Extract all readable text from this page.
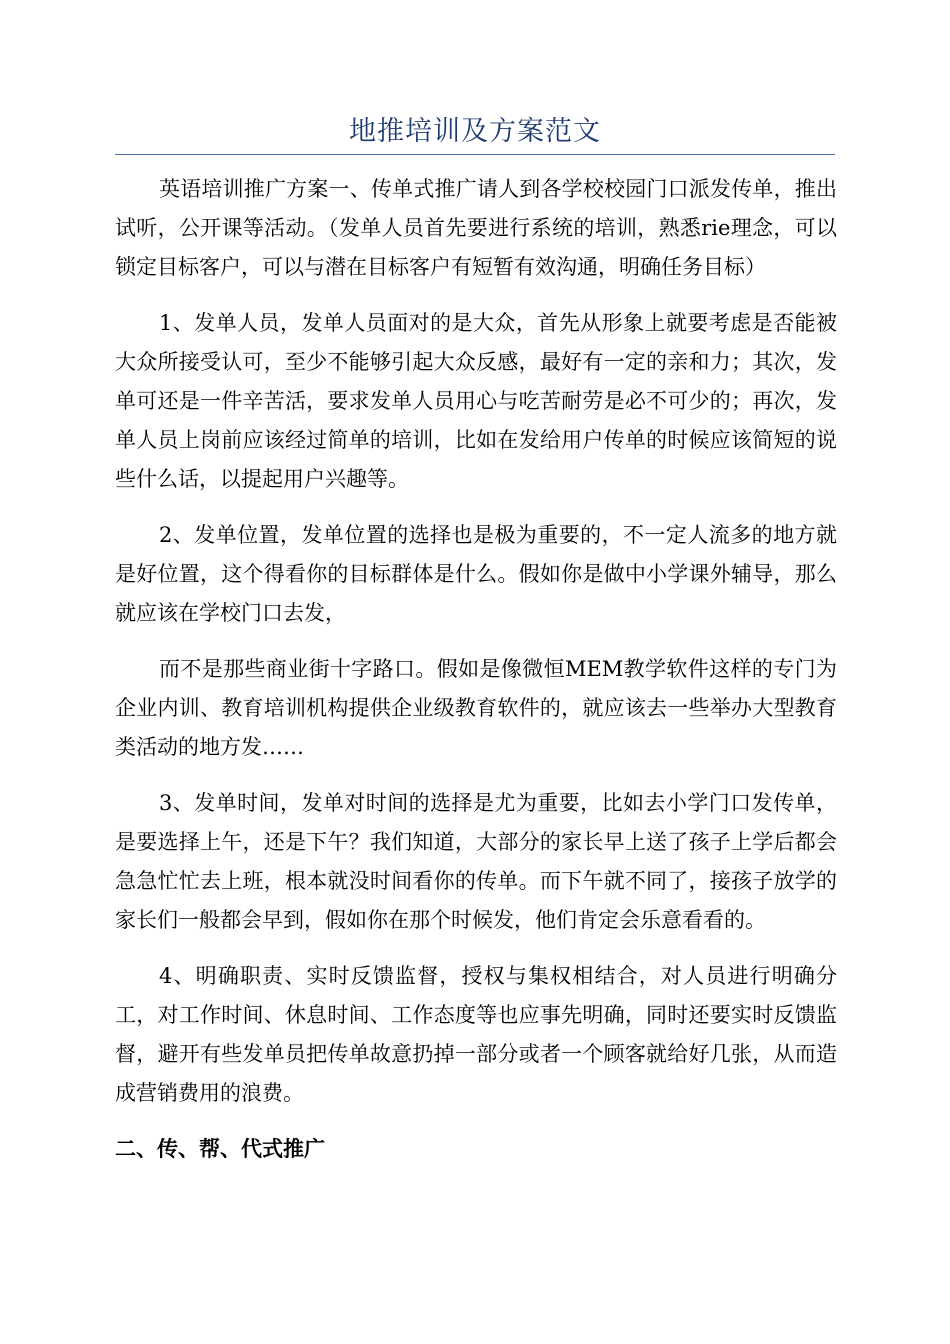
地推培训及方案范文

英语培训推广方案一、传单式推广请人到各学校校园门口派发传单，推出试听，公开课等活动。（发单人员首先要进行系统的培训，熟悉rie理念，可以锁定目标客户，可以与潜在目标客户有短暂有效沟通，明确任务目标）

1、发单人员，发单人员面对的是大众，首先从形象上就要考虑是否能被大众所接受认可，至少不能够引起大众反感，最好有一定的亲和力；其次，发单可还是一件辛苦活，要求发单人员用心与吃苦耐劳是必不可少的；再次，发单人员上岗前应该经过简单的培训，比如在发给用户传单的时候应该简短的说些什么话，以提起用户兴趣等。

2、发单位置，发单位置的选择也是极为重要的，不一定人流多的地方就是好位置，这个得看你的目标群体是什么。假如你是做中小学课外辅导，那么就应该在学校门口去发，

而不是那些商业街十字路口。假如是像微恒MEM教学软件这样的专门为企业内训、教育培训机构提供企业级教育软件的，就应该去一些举办大型教育类活动的地方发……

3、发单时间，发单对时间的选择是尤为重要，比如去小学门口发传单，是要选择上午，还是下午？我们知道，大部分的家长早上送了孩子上学后都会急急忙忙去上班，根本就没时间看你的传单。而下午就不同了，接孩子放学的家长们一般都会早到，假如你在那个时候发，他们肯定会乐意看看的。

4、明确职责、实时反馈监督，授权与集权相结合，对人员进行明确分工，对工作时间、休息时间、工作态度等也应事先明确，同时还要实时反馈监督，避开有些发单员把传单故意扔掉一部分或者一个顾客就给好几张，从而造成营销费用的浪费。

二、传、帮、代式推广
